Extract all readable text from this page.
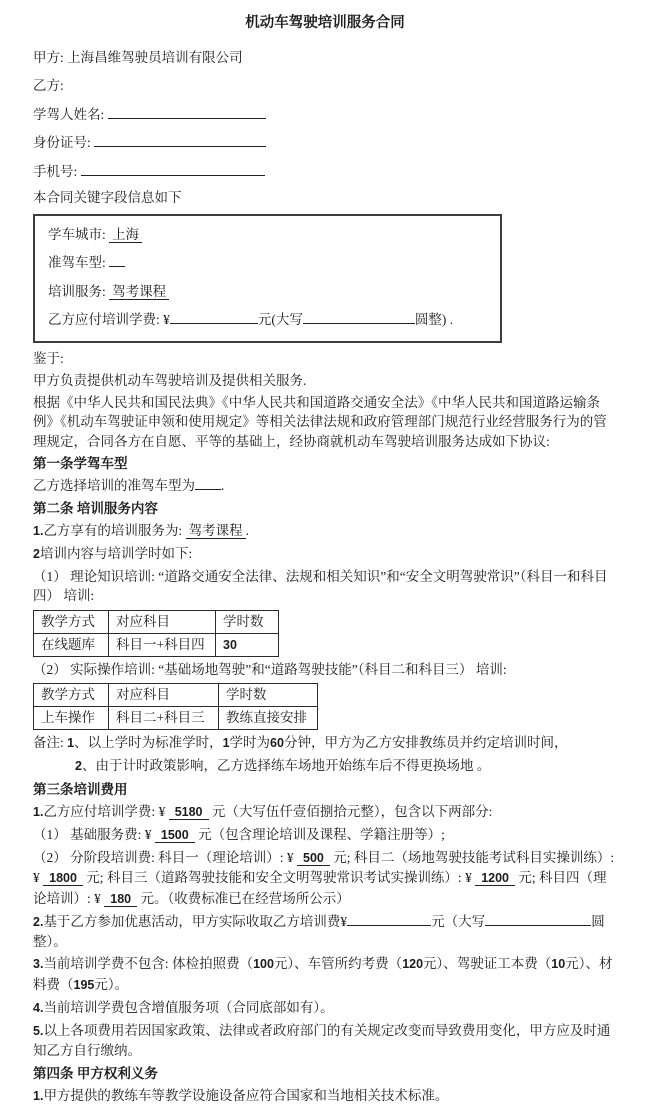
机动车驾驶培训服务合同

甲方: 上海昌维驾驶员培训有限公司

乙方:

学驾人姓名:

身份证号:

手机号:

本合同关键字段信息如下

学车城市: 上海

准驾车型:

培训服务: 驾考课程

乙方应付培训学费: ¥	元(大写	圆整) .

鉴于:

甲方负责提供机动车驾驶培训及提供相关服务.

根据《中华人民共和国民法典》《中华人民共和国道路交通安全法》《中华人民共和国道路运输条例》《机动车驾驶证申领和使用规定》等相关法律法规和政府管理部门规范行业经营服务行为的管理规定，合同各方在自愿、平等的基础上，经协商就机动车驾驶培训服务达成如下协议:

第一条学驾车型

乙方选择培训的准驾车型为 .

第二条 培训服务内容

1.乙方享有的培训服务为: 驾考课程 .

2培训内容与培训学时如下:

（1） 理论知识培训: “道路交通安全法律、法规和相关知识”和“安全文明驾驶常识”（科目一和科目四） 培训:

教学方式	对应科目	学时数
在线题库	科目一+科目四	30

（2） 实际操作培训: “基础场地驾驶”和“道路驾驶技能”（科目二和科目三） 培训:

教学方式	对应科目	学时数
上车操作	科目二+科目三	教练直接安排

备注: 1、以上学时为标准学时，1学时为60分钟，甲方为乙方安排教练员并约定培训时间，

2、由于计时政策影响，乙方选择练车场地开始练车后不得更换场地 。

第三条培训费用

1.乙方应付培训学费: ¥ 5180 元（大写伍仟壹佰捌拾元整），包含以下两部分:

（1） 基础服务费: ¥ 1500 元（包含理论培训及课程、学籍注册等）;

（2） 分阶段培训费: 科目一（理论培训）: ¥ 500 元; 科目二（场地驾驶技能考试科目实操训练）: ¥ 1800 元; 科目三（道路驾驶技能和安全文明驾驶常识考试实操训练）: ¥ 1200 元; 科目四（理论培训）: ¥ 180 元。（收费标准已在经营场所公示）

2.基于乙方参加优惠活动，甲方实际收取乙方培训费¥	元（大写	圆整）。

3.当前培训学费不包含: 体检拍照费（100元）、车管所约考费（120元）、驾驶证工本费（10元）、材料费（195元）。

4.当前培训学费包含增值服务项（合同底部如有）。

5.以上各项费用若因国家政策、法律或者政府部门的有关规定改变而导致费用变化，甲方应及时通知乙方自行缴纳。

第四条 甲方权利义务

1.甲方提供的教练车等教学设施设备应符合国家和当地相关技术标准。
